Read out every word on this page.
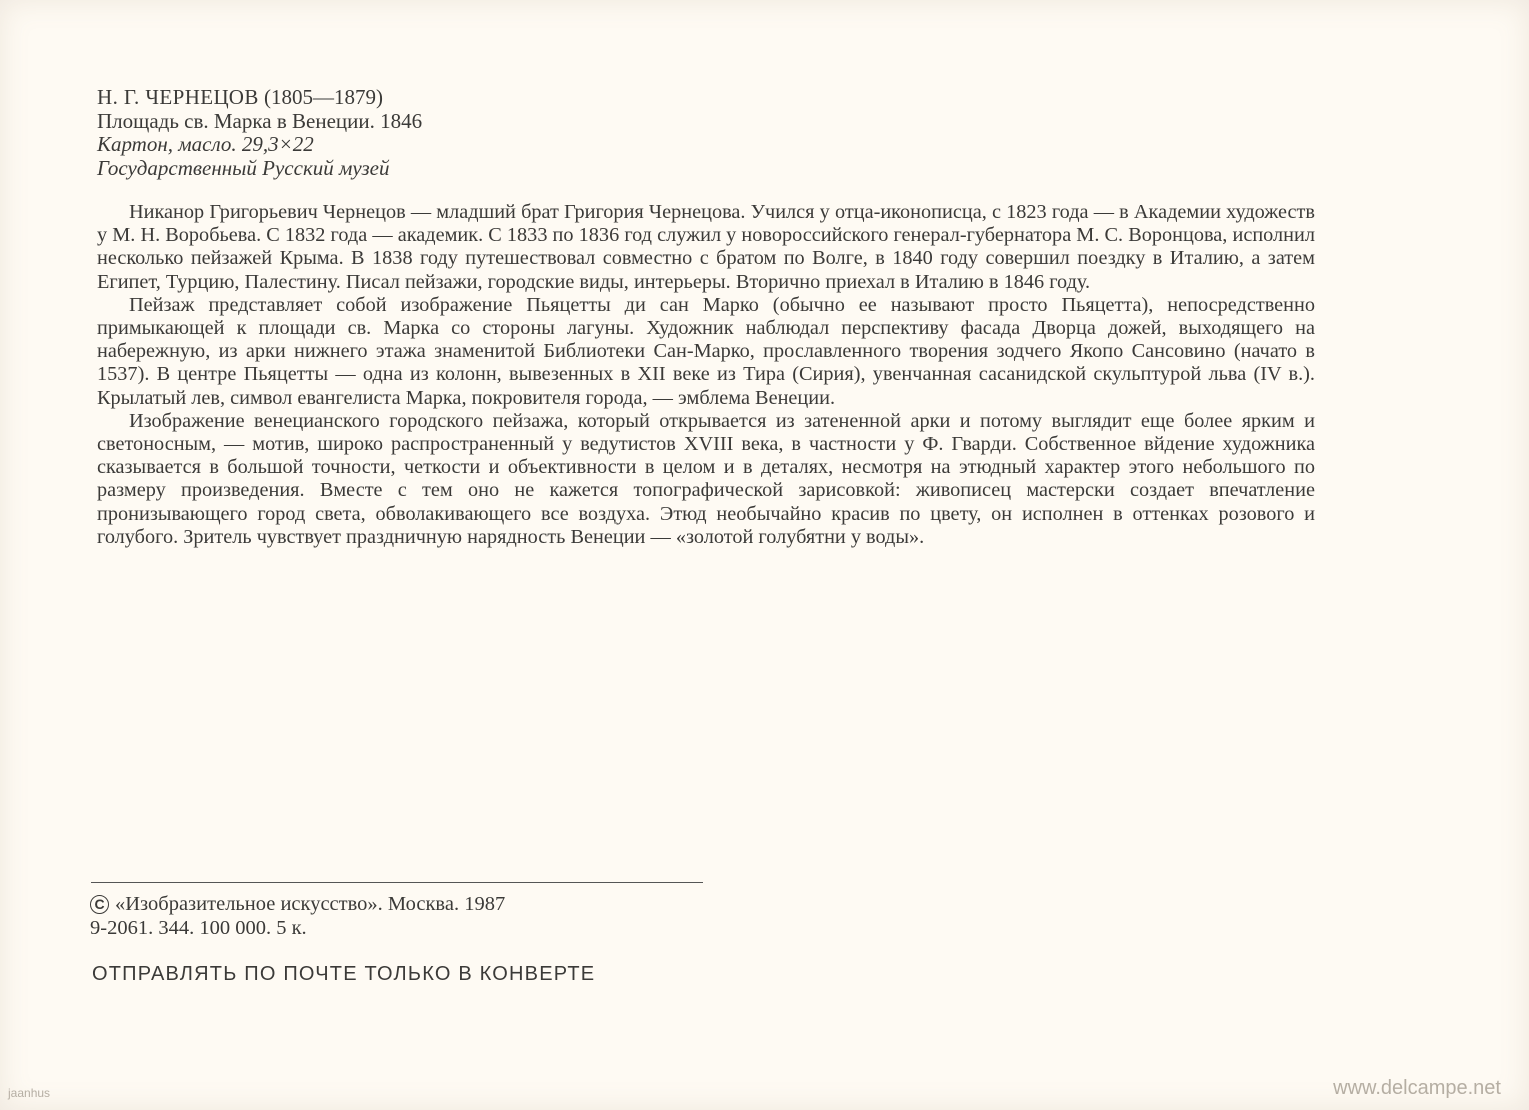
Н. Г. ЧЕРНЕЦОВ (1805—1879)
Площадь св. Марка в Венеции. 1846
Картон, масло. 29,3×22
Государственный Русский музей

Никанор Григорьевич Чернецов — младший брат Григория Чернецова. Учился у отца-иконописца, с 1823 года — в Академии художеств у М. Н. Воробьева. С 1832 года — академик. С 1833 по 1836 год служил у новороссийского генерал-губернатора М. С. Воронцова, исполнил несколько пейзажей Крыма. В 1838 году путешествовал совместно с братом по Волге, в 1840 году совершил поездку в Италию, а затем Египет, Турцию, Палестину. Писал пейзажи, городские виды, интерьеры. Вторично приехал в Италию в 1846 году.

Пейзаж представляет собой изображение Пьяцетты ди сан Марко (обычно ее называют просто Пьяцетта), непосредственно примыкающей к площади св. Марка со стороны лагуны. Художник наблюдал перспективу фасада Дворца дожей, выходящего на набережную, из арки нижнего этажа знаменитой Библиотеки Сан-Марко, прославленного творения зодчего Якопо Сансовино (начато в 1537). В центре Пьяцетты — одна из колонн, вывезенных в XII веке из Тира (Сирия), увенчанная сасанидской скульптурой льва (IV в.). Крылатый лев, символ евангелиста Марка, покровителя города, — эмблема Венеции.

Изображение венецианского городского пейзажа, который открывается из затененной арки и потому выглядит еще более ярким и светоносным, — мотив, широко распространенный у ведутистов XVIII века, в частности у Ф. Гварди. Собственное вйдение художника сказывается в большой точности, четкости и объективности в целом и в деталях, несмотря на этюдный характер этого небольшого по размеру произведения. Вместе с тем оно не кажется топографической зарисовкой: живописец мастерски создает впечатление пронизывающего город света, обволакивающего все воздуха. Этюд необычайно красив по цвету, он исполнен в оттенках розового и голубого. Зритель чувствует праздничную нарядность Венеции — «золотой голубятни у воды».

C «Изобразительное искусство». Москва. 1987
9-2061. 344. 100 000. 5 к.
ОТПРАВЛЯТЬ ПО ПОЧТЕ ТОЛЬКО В КОНВЕРТЕ
jaanhus	www.delcampe.net
